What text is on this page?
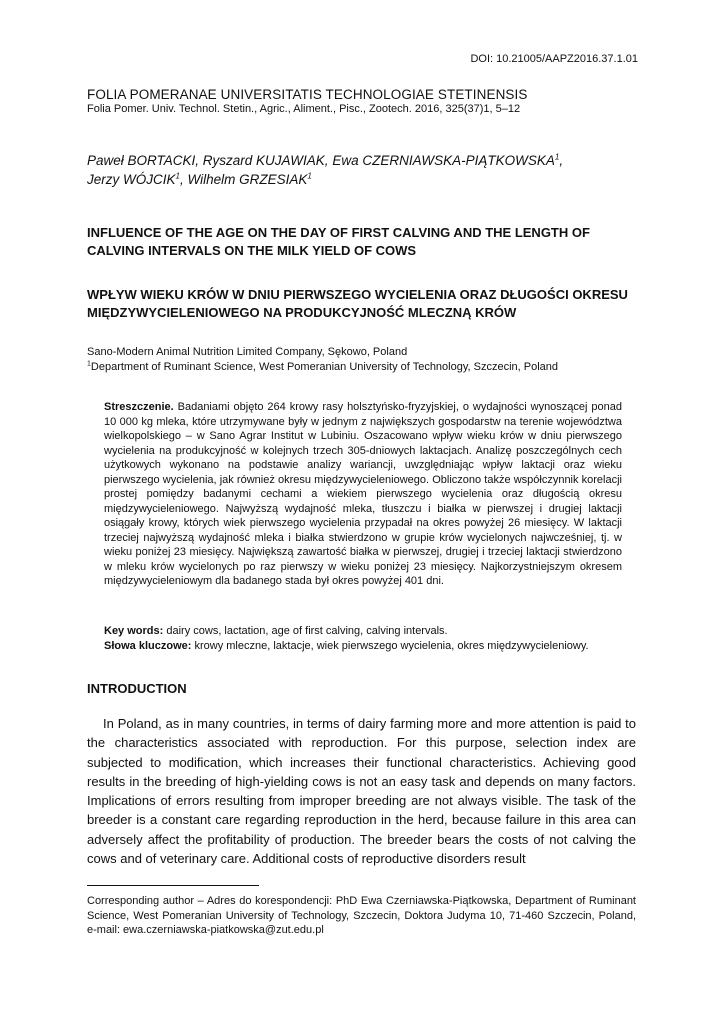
DOI: 10.21005/AAPZ2016.37.1.01
FOLIA POMERANAE UNIVERSITATIS TECHNOLOGIAE STETINENSIS
Folia Pomer. Univ. Technol. Stetin., Agric., Aliment., Pisc., Zootech. 2016, 325(37)1, 5–12
Paweł BORTACKI, Ryszard KUJAWIAK, Ewa CZERNIAWSKA-PIĄTKOWSKA$^1$,
Jerzy WÓJCIK$^1$, Wilhelm GRZESIAK$^1$
INFLUENCE OF THE AGE ON THE DAY OF FIRST CALVING AND THE LENGTH OF CALVING INTERVALS ON THE MILK YIELD OF COWS
WPŁYW WIEKU KRÓW W DNIU PIERWSZEGO WYCIELENIA ORAZ DŁUGOŚCI OKRESU MIĘDZYWYCIELENIOWEGO NA PRODUKCYJNOŚĆ MLECZNĄ KRÓW
Sano-Modern Animal Nutrition Limited Company, Sękowo, Poland
$^1$Department of Ruminant Science, West Pomeranian University of Technology, Szczecin, Poland
Streszczenie. Badaniami objęto 264 krowy rasy holsztyńsko-fryzyjskiej, o wydajności wynoszącej ponad 10 000 kg mleka, które utrzymywane były w jednym z największych gospodarstw na terenie województwa wielkopolskiego – w Sano Agrar Institut w Lubiniu. Oszacowano wpływ wieku krów w dniu pierwszego wycielenia na produkcyjność w kolejnych trzech 305-dniowych laktacjach. Analizę poszczególnych cech użytkowych wykonano na podstawie analizy wariancji, uwzględniając wpływ laktacji oraz wieku pierwszego wycielenia, jak również okresu międzywycieleniowego. Obliczono także współczynnik korelacji prostej pomiędzy badanymi cechami a wiekiem pierwszego wycielenia oraz długością okresu międzywycieleniowego. Najwyższą wydajność mleka, tłuszczu i białka w pierwszej i drugiej laktacji osiągały krowy, których wiek pierwszego wycielenia przypadał na okres powyżej 26 miesięcy. W laktacji trzeciej najwyższą wydajność mleka i białka stwierdzono w grupie krów wycielonych najwcześniej, tj. w wieku poniżej 23 miesięcy. Największą zawartość białka w pierwszej, drugiej i trzeciej laktacji stwierdzono w mleku krów wycielonych po raz pierwszy w wieku poniżej 23 miesięcy. Najkorzystniejszym okresem międzywycieleniowym dla badanego stada był okres powyżej 401 dni.
Key words: dairy cows, lactation, age of first calving, calving intervals.
Słowa kluczowe: krowy mleczne, laktacje, wiek pierwszego wycielenia, okres międzywycieleniowy.
INTRODUCTION
In Poland, as in many countries, in terms of dairy farming more and more attention is paid to the characteristics associated with reproduction. For this purpose, selection index are subjected to modification, which increases their functional characteristics. Achieving good results in the breeding of high-yielding cows is not an easy task and depends on many factors. Implications of errors resulting from improper breeding are not always visible. The task of the breeder is a constant care regarding reproduction in the herd, because failure in this area can adversely affect the profitability of production. The breeder bears the costs of not calving the cows and of veterinary care. Additional costs of reproductive disorders result
Corresponding author – Adres do korespondencji: PhD Ewa Czerniawska-Piątkowska, Department of Ruminant Science, West Pomeranian University of Technology, Szczecin, Doktora Judyma 10, 71-460 Szczecin, Poland, e-mail: ewa.czerniawska-piatkowska@zut.edu.pl
